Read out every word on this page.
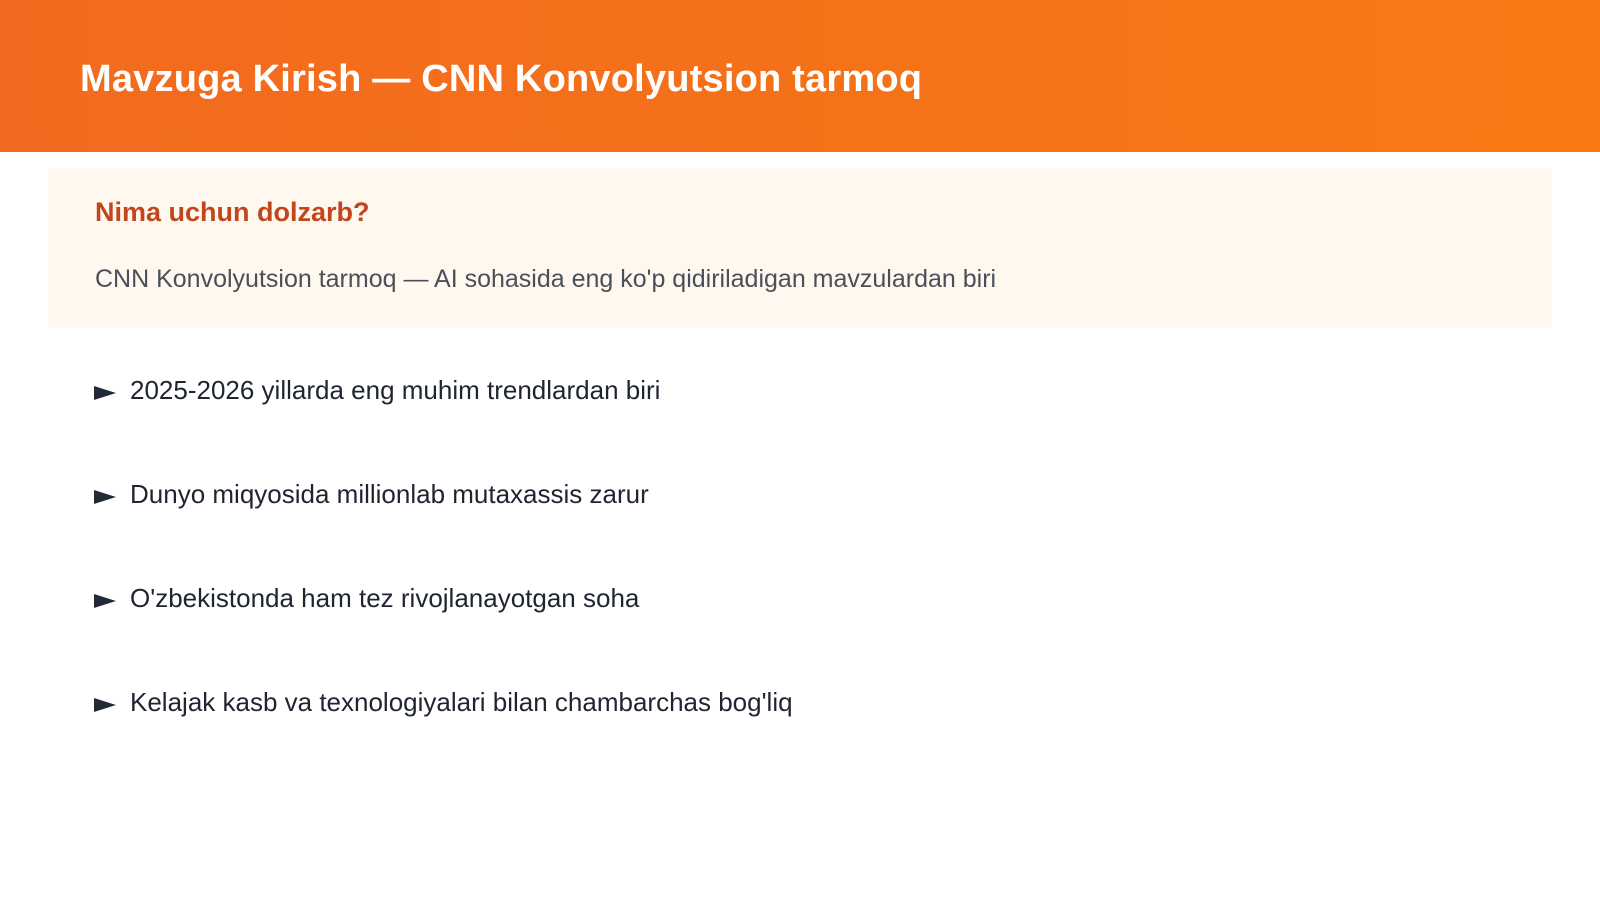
Mavzuga Kirish — CNN Konvolyutsion tarmoq
Nima uchun dolzarb?

CNN Konvolyutsion tarmoq — AI sohasida eng ko'p qidiriladigan mavzulardan biri

2025-2026 yillarda eng muhim trendlardan biri
Dunyo miqyosida millionlab mutaxassis zarur
O'zbekistonda ham tez rivojlanayotgan soha
Kelajak kasb va texnologiyalari bilan chambarchas bog'liq
